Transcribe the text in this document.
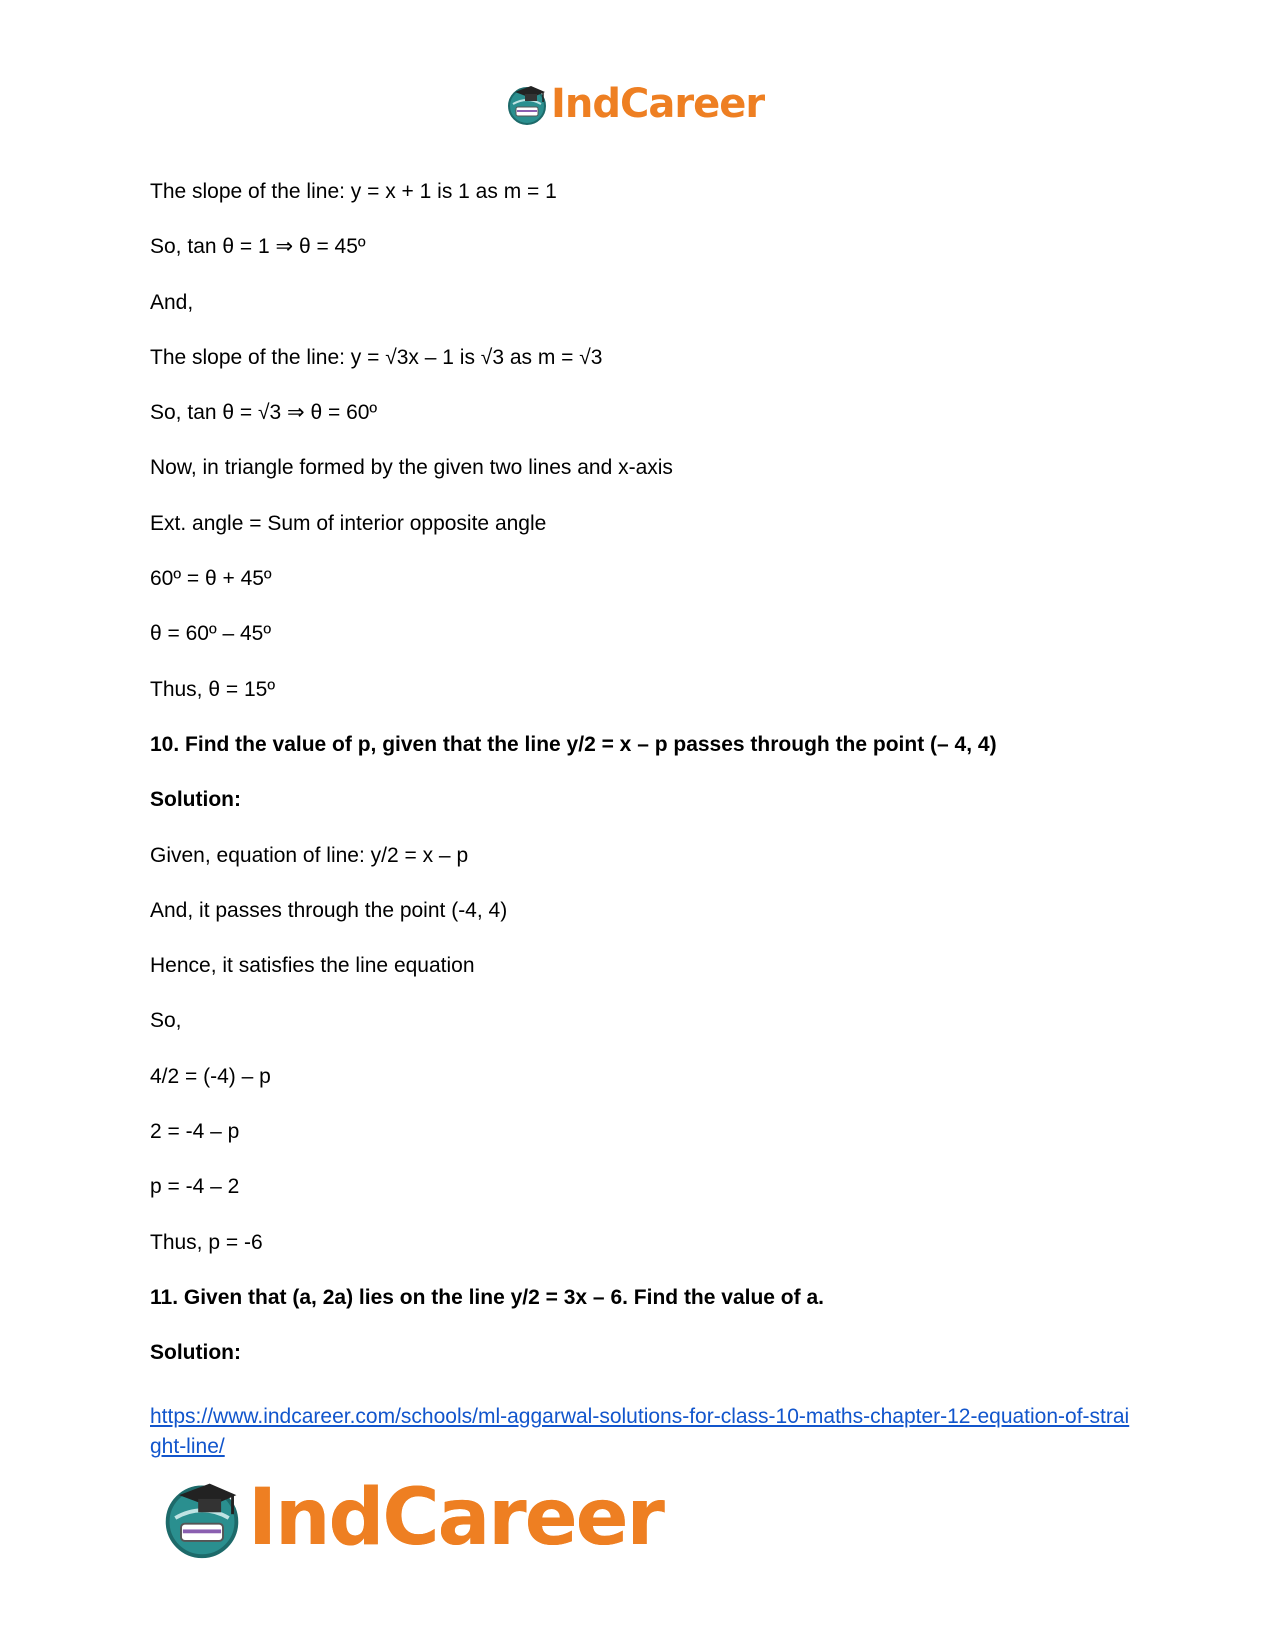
IndCareer
The slope of the line: y = x + 1 is 1 as m = 1
So, tan θ = 1 ⇒ θ = 45º
And,
The slope of the line: y = √3x – 1 is √3 as m = √3
So, tan θ = √3 ⇒ θ = 60º
Now, in triangle formed by the given two lines and x-axis
Ext. angle = Sum of interior opposite angle
60º = θ + 45º
θ = 60º – 45º
Thus, θ = 15º
10. Find the value of p, given that the line y/2 = x – p passes through the point (– 4, 4)
Solution:
Given, equation of line: y/2 = x – p
And, it passes through the point (-4, 4)
Hence, it satisfies the line equation
So,
4/2 = (-4) – p
2 = -4 – p
p = -4 – 2
Thus, p = -6
11. Given that (a, 2a) lies on the line y/2 = 3x – 6. Find the value of a.
Solution:
https://www.indcareer.com/schools/ml-aggarwal-solutions-for-class-10-maths-chapter-12-equation-of-straight-line/
IndCareer
